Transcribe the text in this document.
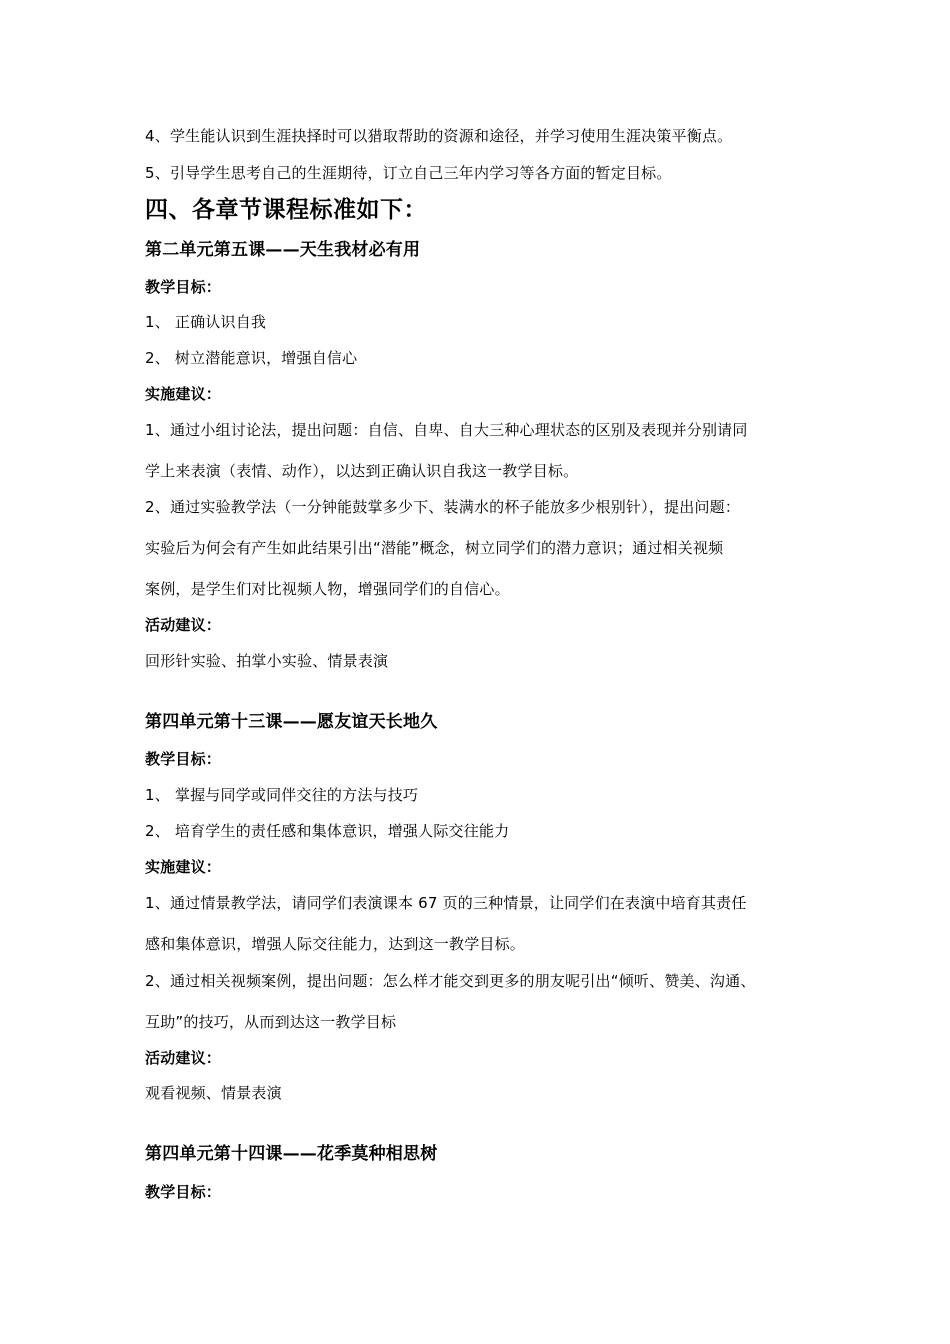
4、学生能认识到生涯抉择时可以猎取帮助的资源和途径，并学习使用生涯决策平衡点。
5、引导学生思考自己的生涯期待，订立自己三年内学习等各方面的暂定目标。
四、各章节课程标准如下：
第二单元第五课——天生我材必有用
教学目标：
1、 正确认识自我
2、 树立潜能意识，增强自信心
实施建议：
1、通过小组讨论法，提出问题：自信、自卑、自大三种心理状态的区别及表现并分别请同
学上来表演（表情、动作），以达到正确认识自我这一教学目标。
2、通过实验教学法（一分钟能鼓掌多少下、装满水的杯子能放多少根别针），提出问题：
实验后为何会有产生如此结果引出“潜能”概念，树立同学们的潜力意识；通过相关视频
案例，是学生们对比视频人物，增强同学们的自信心。
活动建议：
回形针实验、拍掌小实验、情景表演
第四单元第十三课——愿友谊天长地久
教学目标：
1、 掌握与同学或同伴交往的方法与技巧
2、 培育学生的责任感和集体意识，增强人际交往能力
实施建议：
1、通过情景教学法，请同学们表演课本 67 页的三种情景，让同学们在表演中培育其责任
感和集体意识，增强人际交往能力，达到这一教学目标。
2、通过相关视频案例，提出问题：怎么样才能交到更多的朋友呢引出“倾听、赞美、沟通、
互助”的技巧，从而到达这一教学目标
活动建议：
观看视频、情景表演
第四单元第十四课——花季莫种相思树
教学目标：
